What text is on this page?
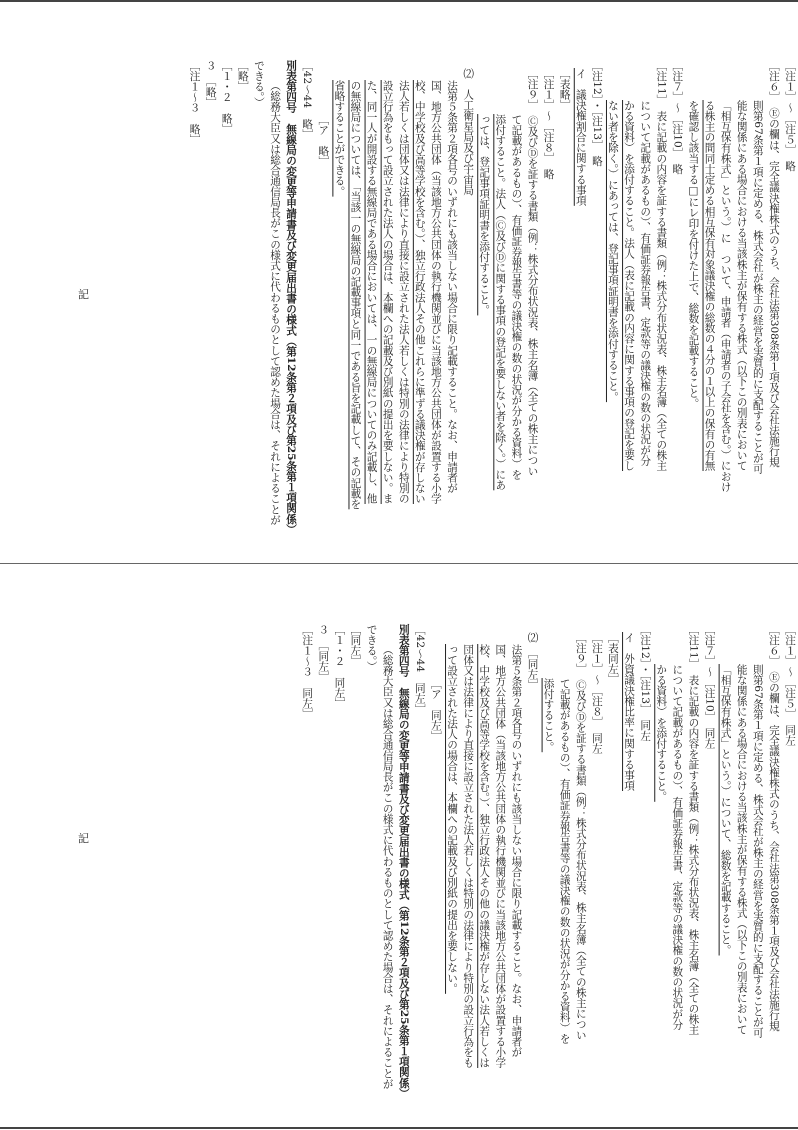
［注１］～［注５］　略
［注６］　Ⓔの欄は、完全議決権株式のうち、会社法第308条第１項及び会社法施行規
則第67条第１項に定める、株式会社が株主の経営を実質的に支配することが可
能な関係にある場合における当該株主が保有する株式（以下この別表において
「相互保有株式」という。）に　ついて、申請者（申請者の子会社を含む。）におけ
る株主の間同士定める相互保有対象議決権の総数の４分の１以上の保有の有無
を確認し該当する□にレ印を付けた上で、総数を記載すること。
［注７］～［注10］　略
［注11］　表に記載の内容を証する書類（例：株式分布状況表、株主名簿（全ての株主
について記載があるもの）、有価証券報告書、定款等の議決権の数の状況が分
かる資料）を添付すること。法人（表に記載の内容に関する事項の登記を要し
ない者を除く。）にあっては、登記事項証明書を添付すること。
［注12］・［注13］　略
イ　議決権割合に関する事項
［表略］
［注１］～［注８］　略
［注９］　Ⓒ及びⒹを証する書類（例：株式分布状況表、株主名簿（全ての株主につい
て記載があるもの）、有価証券報告書等の議決権の数の状況が分かる資料）を
添付すること。法人（Ⓒ及びⒹに関する事項の登記を要しない者を除く。）にあ
っては、登記事項証明書を添付すること。
⑵　人工衛星局及び宇宙局
法第５条第２項各号のいずれにも該当しない場合に限り記載すること。なお、申請者が
国、地方公共団体（当該地方公共団体の執行機関並びに当該地方公共団体が設置する小学
校、中学校及び高等学校を含む。）、独立行政法人その他これらに準ずる議決権が存しない
法人若しくは団体又は法律により直接に設立された法人若しくは特別の法律により特別の
設立行為をもって設立された法人の場合は、本欄への記載及び別紙の提出を要しない。ま
た、同一人が開設する無線局である場合においては、一の無線局についてのみ記載し、他
の無線局については、「当該一の無線局の記載事項と同一である旨を記載して、その記載を
省略することができる。
［ア　略］
［42～44　略］
別表第四号　無線局の変更等申請書及び変更届出書の様式（第12条第２項及び第25条第１項関係）
（総務大臣又は総合通信局長がこの様式に代わるものとして認めた場合は、それによることが
できる。）
［略］
［１・２　略］
３　［略］
［注１～３　略］
記
［注１］～［注５］　同左
［注６］　Ⓔの欄は、完全議決権株式のうち、会社法第308条第１項及び会社法施行規
則第67条第１項に定める、株式会社が株主の経営を実質的に支配することが可
能な関係にある場合における当該株主が保有する株式（以下この別表において
「相互保有株式」という。）について、総数を記載すること。
［注７］～［注10］　同左
［注11］　表に記載の内容を証する書類（例：株式分布状況表、株主名簿（全ての株主
について記載があるもの）、有価証券報告書、定款等の議決権の数の状況が分
かる資料）を添付すること。
［注12］・［注13］　同左
イ　外資議決権比率に関する事項
［表同左］
［注１］～［注８］　同左
［注９］　Ⓒ及びⒹを証する書類（例：株式分布状況表、株主名簿（全ての株主につい
て記載があるもの）、有価証券報告書等の議決権の数の状況が分かる資料）を
添付すること。
⑵　［同左］
法第５条第２項各号のいずれにも該当しない場合に限り記載すること。なお、申請者が
国、地方公共団体（当該地方公共団体の執行機関並びに当該地方公共団体が設置する小学
校、中学校及び高等学校を含む。）、独立行政法人その他の議決権が存しない法人若しくは
団体又は法律により直接に設立された法人若しくは特別の法律により特別の設立行為をも
って設立された法人の場合は、本欄への記載及び別紙の提出を要しない。
［ア　同左］
［42～44　同左］
別表第四号　無線局の変更等申請書及び変更届出書の様式（第12条第２項及び第25条第１項関係）
（総務大臣又は総合通信局長がこの様式に代わるものとして認めた場合は、それによることが
できる。）
［同左］
［１・２　同左］
３　［同左］
［注１～３　同左］
記
